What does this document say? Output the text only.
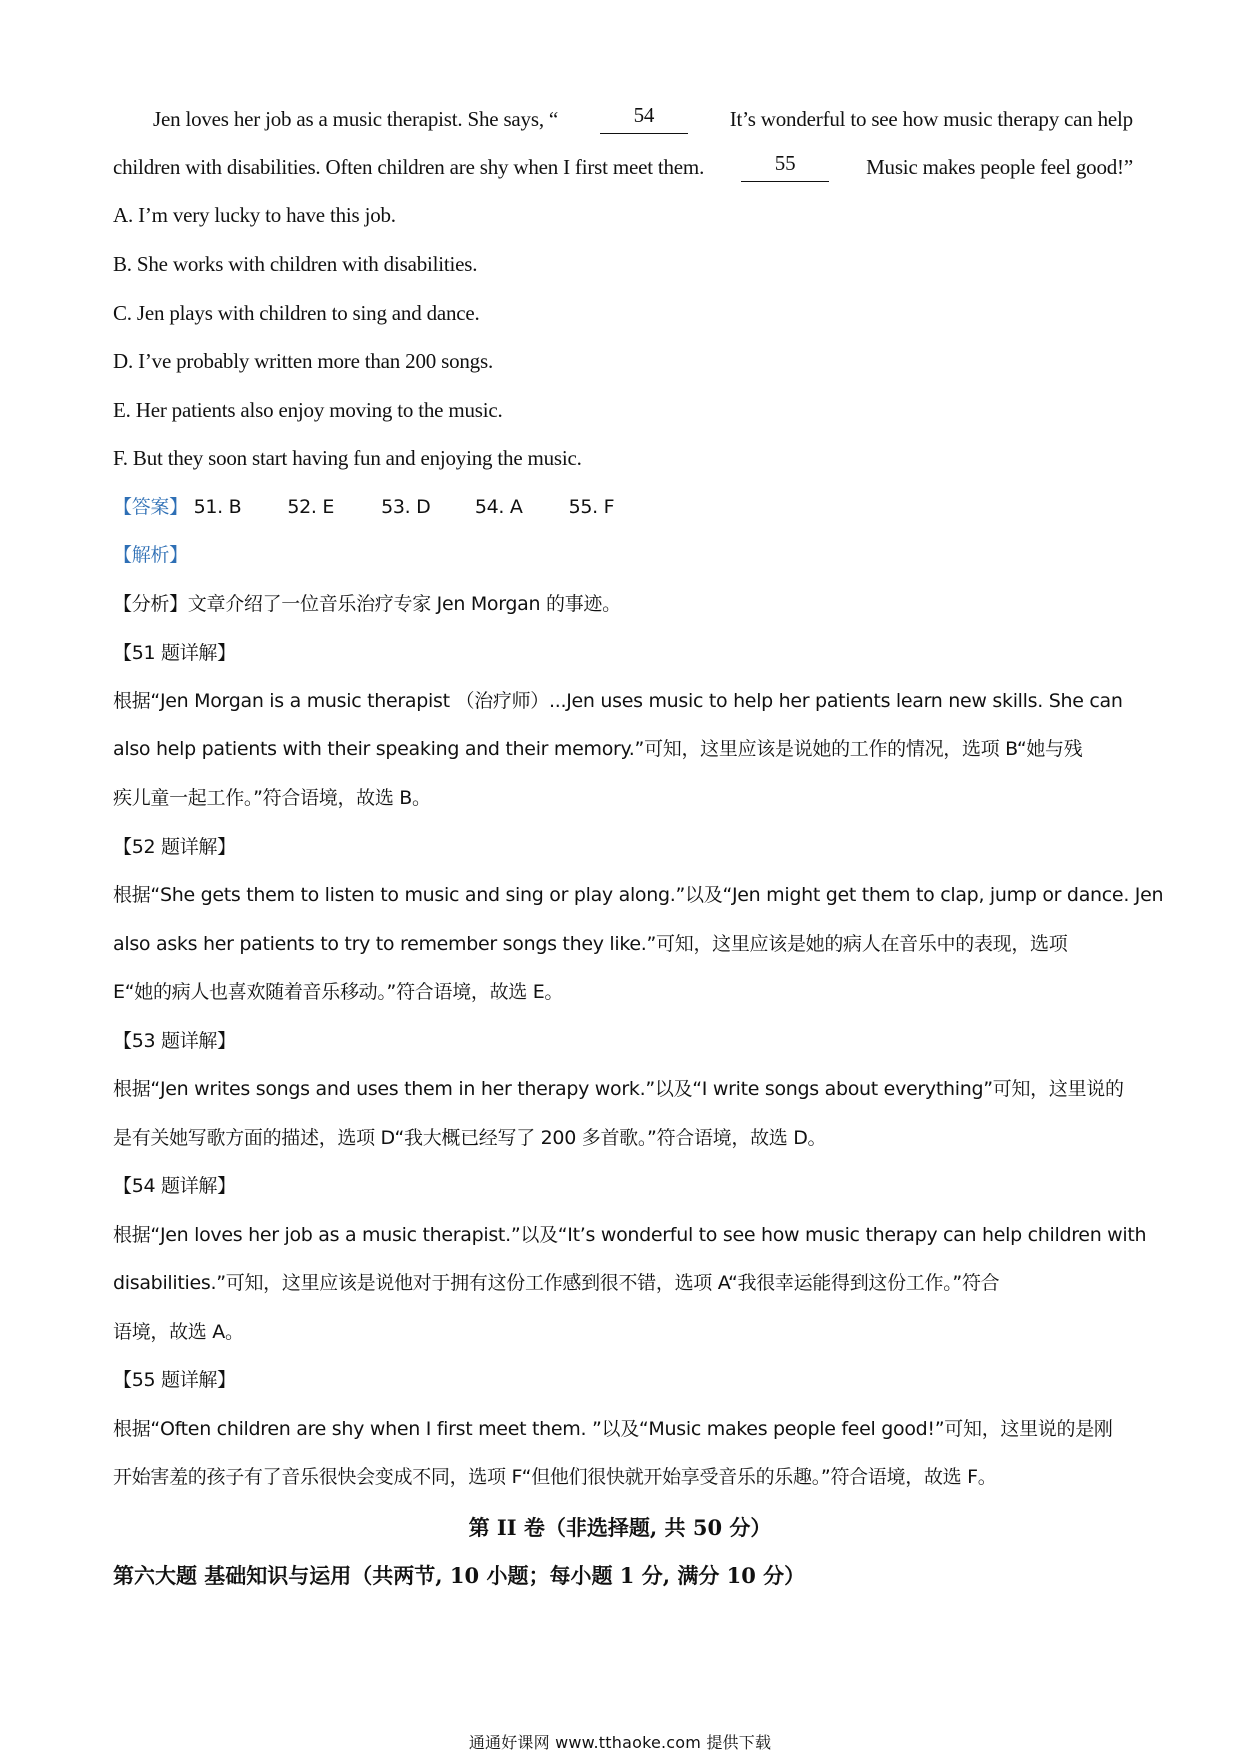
Jen loves her job as a music therapist. She says, “	54	It’s wonderful to see how music therapy can help
children with disabilities. Often children are shy when I first meet them.	55	Music makes people feel good!”
A. I’m very lucky to have this job.
B. She works with children with disabilities.
C. Jen plays with children to sing and dance.
D. I’ve probably written more than 200 songs.
E. Her patients also enjoy moving to the music.
F. But they soon start having fun and enjoying the music.
【答案】 51. B 52. E 53. D 54. A 55. F
【解析】
【分析】文章介绍了一位音乐治疗专家 Jen Morgan 的事迹。
【51 题详解】
根据“Jen Morgan is a music therapist （治疗师）...Jen uses music to help her patients learn new skills. She can
also help patients with their speaking and their memory.”可知，这里应该是说她的工作的情况，选项 B“她与残
疾儿童一起工作。”符合语境，故选 B。
【52 题详解】
根据“She gets them to listen to music and sing or play along.”以及“Jen might get them to clap, jump or dance. Jen
also asks her patients to try to remember songs they like.”可知，这里应该是她的病人在音乐中的表现，选项
E“她的病人也喜欢随着音乐移动。”符合语境，故选 E。
【53 题详解】
根据“Jen writes songs and uses them in her therapy work.”以及“I write songs about everything”可知，这里说的
是有关她写歌方面的描述，选项 D“我大概已经写了 200 多首歌。”符合语境，故选 D。
【54 题详解】
根据“Jen loves her job as a music therapist.”以及“It’s wonderful to see how music therapy can help children with
disabilities.”可知，这里应该是说他对于拥有这份工作感到很不错，选项 A“我很幸运能得到这份工作。”符合
语境，故选 A。
【55 题详解】
根据“Often children are shy when I first meet them. ”以及“Music makes people feel good!”可知，这里说的是刚
开始害羞的孩子有了音乐很快会变成不同，选项 F“但他们很快就开始享受音乐的乐趣。”符合语境，故选 F。
第 II 卷（非选择题, 共 50 分）
第六大题 基础知识与运用（共两节, 10 小题；每小题 1 分, 满分 10 分）
通通好课网 www.tthaoke.com 提供下载
